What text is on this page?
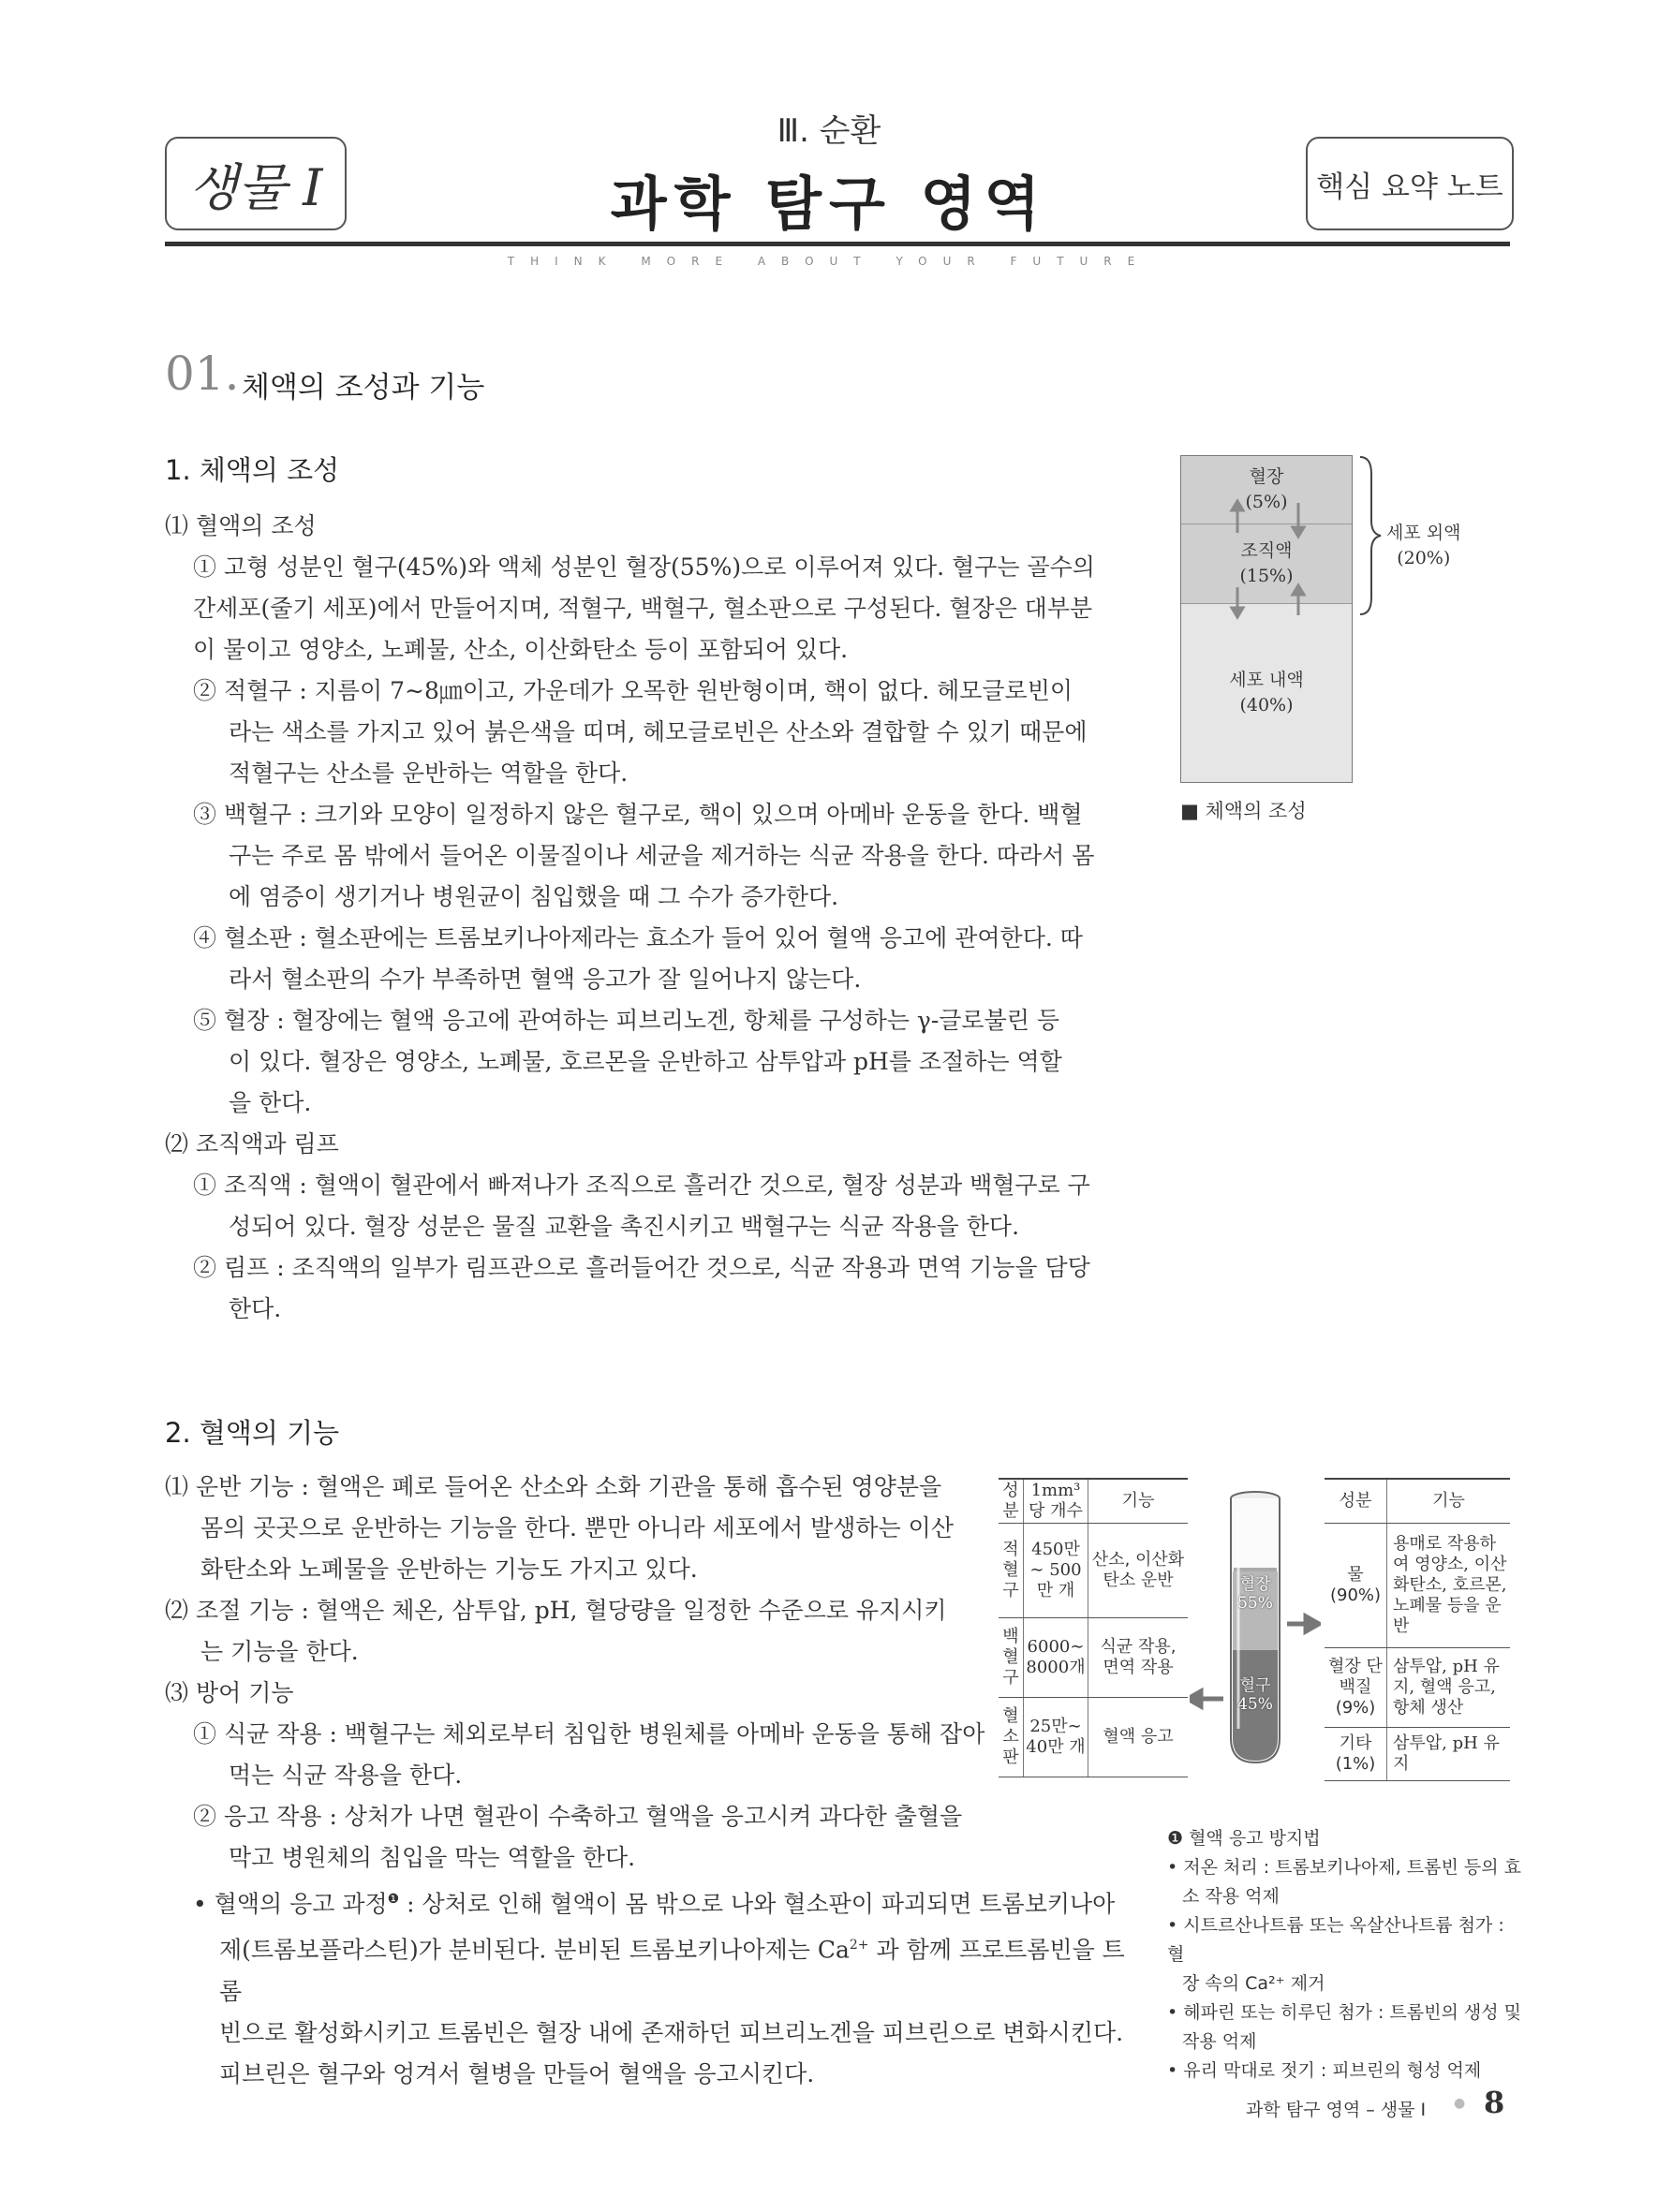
생물 Ⅰ
Ⅲ. 순환
과학 탐구 영역	핵심 요약 노트
THINK MORE ABOUT YOUR FUTURE
01. 체액의 조성과 기능
1. 체액의 조성
⑴ 혈액의 조성
① 고형 성분인 혈구(45%)와 액체 성분인 혈장(55%)으로 이루어져 있다. 혈구는 골수의
간세포(줄기 세포)에서 만들어지며, 적혈구, 백혈구, 혈소판으로 구성된다. 혈장은 대부분
이 물이고 영양소, 노폐물, 산소, 이산화탄소 등이 포함되어 있다.
② 적혈구 : 지름이 7∼8㎛이고, 가운데가 오목한 원반형이며, 핵이 없다. 헤모글로빈이
라는 색소를 가지고 있어 붉은색을 띠며, 헤모글로빈은 산소와 결합할 수 있기 때문에
적혈구는 산소를 운반하는 역할을 한다.
③ 백혈구 : 크기와 모양이 일정하지 않은 혈구로, 핵이 있으며 아메바 운동을 한다. 백혈
구는 주로 몸 밖에서 들어온 이물질이나 세균을 제거하는 식균 작용을 한다. 따라서 몸
에 염증이 생기거나 병원균이 침입했을 때 그 수가 증가한다.
④ 혈소판 : 혈소판에는 트롬보키나아제라는 효소가 들어 있어 혈액 응고에 관여한다. 따
라서 혈소판의 수가 부족하면 혈액 응고가 잘 일어나지 않는다.
⑤ 혈장 : 혈장에는 혈액 응고에 관여하는 피브리노겐, 항체를 구성하는 γ-글로불린 등
이 있다. 혈장은 영양소, 노폐물, 호르몬을 운반하고 삼투압과 pH를 조절하는 역할
을 한다.
⑵ 조직액과 림프
① 조직액 : 혈액이 혈관에서 빠져나가 조직으로 흘러간 것으로, 혈장 성분과 백혈구로 구
성되어 있다. 혈장 성분은 물질 교환을 촉진시키고 백혈구는 식균 작용을 한다.
② 림프 : 조직액의 일부가 림프관으로 흘러들어간 것으로, 식균 작용과 면역 기능을 담당
한다.
혈장
(5%)
조직액
(15%)
세포 내액
(40%)
세포 외액
(20%)
■ 체액의 조성
2. 혈액의 기능
⑴ 운반 기능 : 혈액은 폐로 들어온 산소와 소화 기관을 통해 흡수된 영양분을
몸의 곳곳으로 운반하는 기능을 한다. 뿐만 아니라 세포에서 발생하는 이산
화탄소와 노폐물을 운반하는 기능도 가지고 있다.
⑵ 조절 기능 : 혈액은 체온, 삼투압, pH, 혈당량을 일정한 수준으로 유지시키
는 기능을 한다.
⑶ 방어 기능
① 식균 작용 : 백혈구는 체외로부터 침입한 병원체를 아메바 운동을 통해 잡아
먹는 식균 작용을 한다.
② 응고 작용 : 상처가 나면 혈관이 수축하고 혈액을 응고시켜 과다한 출혈을
막고 병원체의 침입을 막는 역할을 한다.
• 혈액의 응고 과정$^❶$ : 상처로 인해 혈액이 몸 밖으로 나와 혈소판이 파괴되면 트롬보키나아
제(트롬보플라스틴)가 분비된다. 분비된 트롬보키나아제는 $Ca^{2+}$ 과 함께 프로트롬빈을 트롬
빈으로 활성화시키고 트롬빈은 혈장 내에 존재하던 피브리노겐을 피브린으로 변화시킨다.
피브린은 혈구와 엉겨서 혈병을 만들어 혈액을 응고시킨다.
성분	1mm³당 개수	기능
적혈구	450만∼ 500만 개	산소, 이산화탄소 운반
백혈구	6000∼ 8000개	식균 작용, 면역 작용
혈소판	25만∼ 40만 개	혈액 응고
혈장
55%
혈구
45%
성분	기능
물 (90%)	용매로 작용하여 영양소, 이산화탄소, 호르몬, 노폐물 등을 운반
혈장 단백질 (9%)	삼투압, pH 유지, 혈액 응고, 항체 생산
기타 (1%)	삼투압, pH 유지
❶ 혈액 응고 방지법
• 저온 처리 : 트롬보키나아제, 트롬빈 등의 효
소 작용 억제
• 시트르산나트륨 또는 옥살산나트륨 첨가 : 혈
장 속의 Ca²⁺ 제거
• 헤파린 또는 히루딘 첨가 : 트롬빈의 생성 및
작용 억제
• 유리 막대로 젓기 : 피브린의 형성 억제
과학 탐구 영역 – 생물 Ⅰ ● 8
